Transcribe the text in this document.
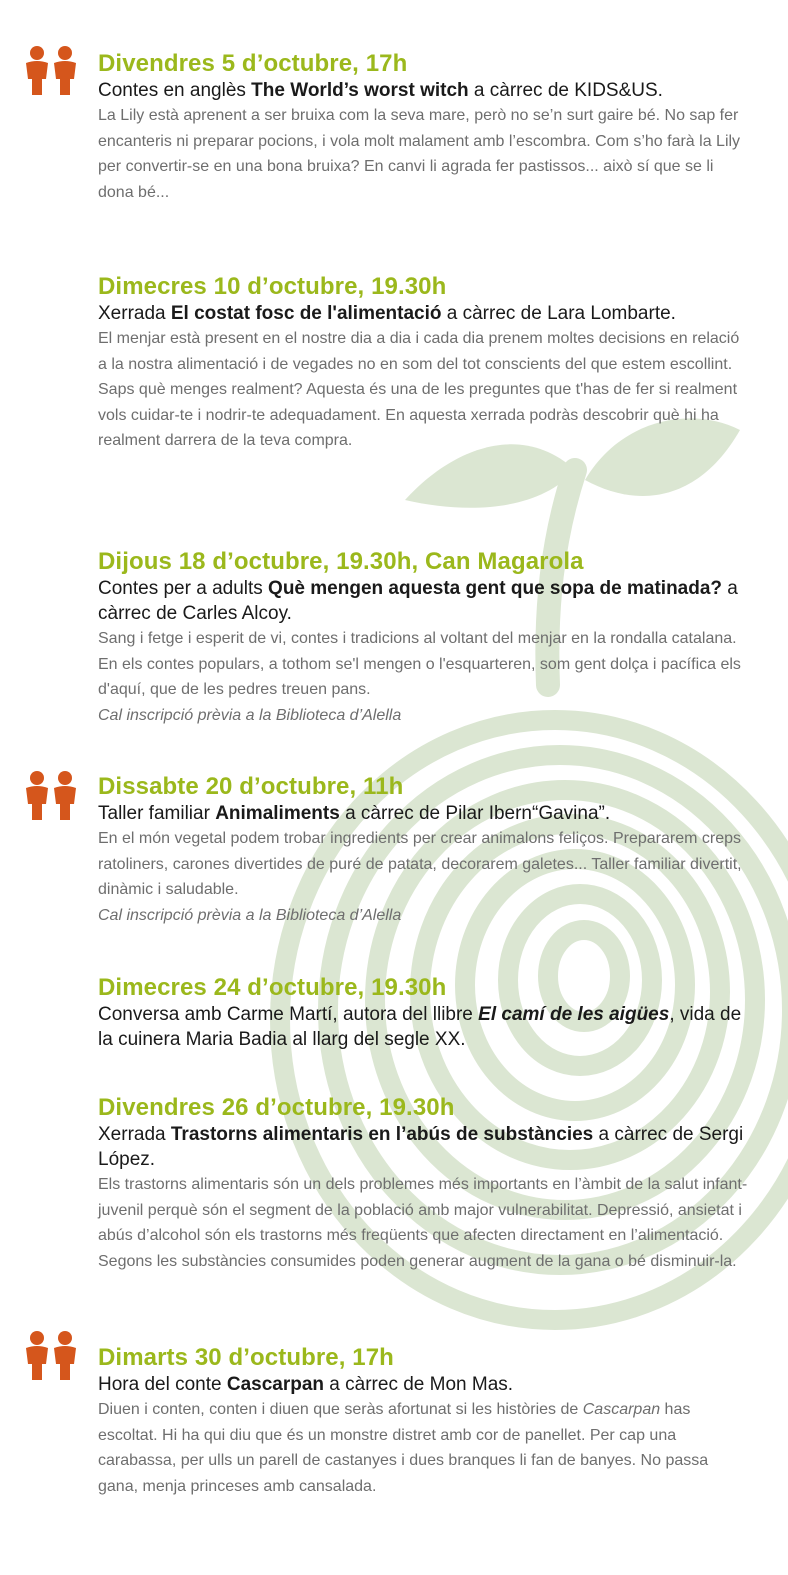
Divendres 5 d’octubre, 17h
Contes en anglès The World’s worst witch a càrrec de KIDS&US.
La Lily està aprenent a ser bruixa com la seva mare, però no se’n surt gaire bé. No sap fer encanteris ni preparar pocions, i vola molt malament amb l’escombra. Com s’ho farà la Lily per convertir-se en una bona bruixa? En canvi li agrada fer pastissos... això sí que se li dona bé...
Dimecres 10 d’octubre, 19.30h
Xerrada El costat fosc de l'alimentació a càrrec de Lara Lombarte.
El menjar està present en el nostre dia a dia i cada dia prenem moltes decisions en relació a la nostra alimentació i de vegades no en som del tot conscients del que estem escollint. Saps què menges realment? Aquesta és una de les preguntes que t'has de fer si realment vols cuidar-te i nodrir-te adequadament. En aquesta xerrada podràs descobrir què hi ha realment darrera de la teva compra.
Dijous 18 d’octubre, 19.30h, Can Magarola
Contes per a adults Què mengen aquesta gent que sopa de matinada? a càrrec de Carles Alcoy.
Sang i fetge i esperit de vi, contes i tradicions al voltant del menjar en la rondalla catalana. En els contes populars, a tothom se'l mengen o l'esquarteren, som gent dolça i pacífica els d'aquí, que de les pedres treuen pans.
Cal inscripció prèvia a la Biblioteca d’Alella
Dissabte 20 d’octubre, 11h
Taller familiar Animaliments a càrrec de Pilar Ibern“Gavina”.
En el món vegetal podem trobar ingredients per crear animalons feliços. Prepararem creps ratoliners, carones divertides de puré de patata, decorarem galetes... Taller familiar divertit, dinàmic i saludable.
Cal inscripció prèvia a la Biblioteca d’Alella
Dimecres 24 d’octubre, 19.30h
Conversa amb Carme Martí, autora del llibre El camí de les aigües, vida de la cuinera Maria Badia al llarg del segle XX.
Divendres 26 d’octubre, 19.30h
Xerrada Trastorns alimentaris en l’abús de substàncies a càrrec de Sergi López.
Els trastorns alimentaris són un dels problemes més importants en l’àmbit de la salut infant-juvenil perquè són el segment de la població amb major vulnerabilitat. Depressió, ansietat i abús d’alcohol són els trastorns més freqüents que afecten directament en l’alimentació. Segons les substàncies consumides poden generar augment de la gana o bé disminuir-la.
Dimarts 30 d’octubre, 17h
Hora del conte Cascarpan a càrrec de Mon Mas.
Diuen i conten, conten i diuen que seràs afortunat si les històries de Cascarpan has escoltat. Hi ha qui diu que és un monstre distret amb cor de panellet. Per cap una carabassa, per ulls un parell de castanyes i dues branques li fan de banyes. No passa gana, menja princeses amb cansalada.
